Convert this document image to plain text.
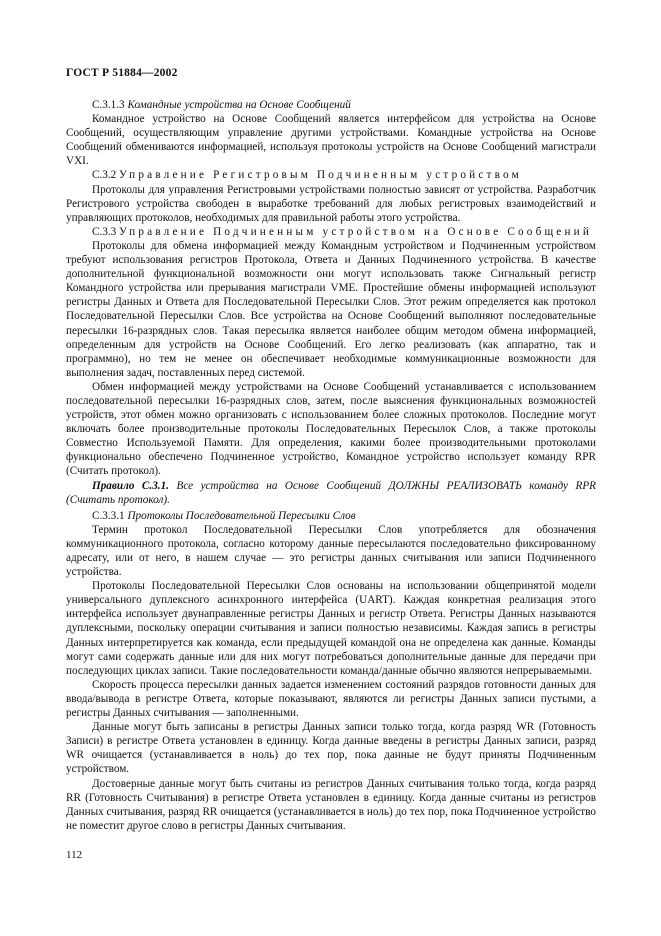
ГОСТ Р 51884—2002

С.3.1.3 Командные устройства на Основе Сообщений

Командное устройство на Основе Сообщений является интерфейсом для устройства на Основе Сообщений, осуществляющим управление другими устройствами. Командные устройства на Основе Сообщений обмениваются информацией, используя протоколы устройств на Основе Сообщений магистрали VXI.

С.3.2 Управление Регистровым Подчиненным устройством

Протоколы для управления Регистровыми устройствами полностью зависят от устройства. Разработчик Регистрового устройства свободен в выработке требований для любых регистровых взаимодействий и управляющих протоколов, необходимых для правильной работы этого устройства.

С.3.3 Управление Подчиненным устройством на Основе Сообщений

Протоколы для обмена информацией между Командным устройством и Подчиненным устройством требуют использования регистров Протокола, Ответа и Данных Подчиненного устройства. В качестве дополнительной функциональной возможности они могут использовать также Сигнальный регистр Командного устройства или прерывания магистрали VME. Простейшие обмены информацией используют регистры Данных и Ответа для Последовательной Пересылки Слов. Этот режим определяется как протокол Последовательной Пересылки Слов. Все устройства на Основе Сообщений выполняют последовательные пересылки 16-разрядных слов. Такая пересылка является наиболее общим методом обмена информацией, определенным для устройств на Основе Сообщений. Его легко реализовать (как аппаратно, так и программно), но тем не менее он обеспечивает необходимые коммуникационные возможности для выполнения задач, поставленных перед системой.

Обмен информацией между устройствами на Основе Сообщений устанавливается с использованием последовательной пересылки 16-разрядных слов, затем, после выяснения функциональных возможностей устройств, этот обмен можно организовать с использованием более сложных протоколов. Последние могут включать более производительные протоколы Последовательных Пересылок Слов, а также протоколы Совместно Используемой Памяти. Для определения, какими более производительными протоколами функционально обеспечено Подчиненное устройство, Командное устройство использует команду RPR (Считать протокол).

Правило С.3.1. Все устройства на Основе Сообщений ДОЛЖНЫ РЕАЛИЗОВАТЬ команду RPR (Считать протокол).

С.3.3.1 Протоколы Последовательной Пересылки Слов

Термин протокол Последовательной Пересылки Слов употребляется для обозначения коммуникационного протокола, согласно которому данные пересылаются последовательно фиксированному адресату, или от него, в нашем случае — это регистры данных считывания или записи Подчиненного устройства.

Протоколы Последовательной Пересылки Слов основаны на использовании общепринятой модели универсального дуплексного асинхронного интерфейса (UART). Каждая конкретная реализация этого интерфейса использует двунаправленные регистры Данных и регистр Ответа. Регистры Данных называются дуплексными, поскольку операции считывания и записи полностью независимы. Каждая запись в регистры Данных интерпретируется как команда, если предыдущей командой она не определена как данные. Команды могут сами содержать данные или для них могут потребоваться дополнительные данные для передачи при последующих циклах записи. Такие последовательности команда/данные обычно являются непрерываемыми.

Скорость процесса пересылки данных задается изменением состояний разрядов готовности данных для ввода/вывода в регистре Ответа, которые показывают, являются ли регистры Данных записи пустыми, а регистры Данных считывания — заполненными.

Данные могут быть записаны в регистры Данных записи только тогда, когда разряд WR (Готовность Записи) в регистре Ответа установлен в единицу. Когда данные введены в регистры Данных записи, разряд WR очищается (устанавливается в ноль) до тех пор, пока данные не будут приняты Подчиненным устройством.

Достоверные данные могут быть считаны из регистров Данных считывания только тогда, когда разряд RR (Готовность Считывания) в регистре Ответа установлен в единицу. Когда данные считаны из регистров Данных считывания, разряд RR очищается (устанавливается в ноль) до тех пор, пока Подчиненное устройство не поместит другое слово в регистры Данных считывания.

112
